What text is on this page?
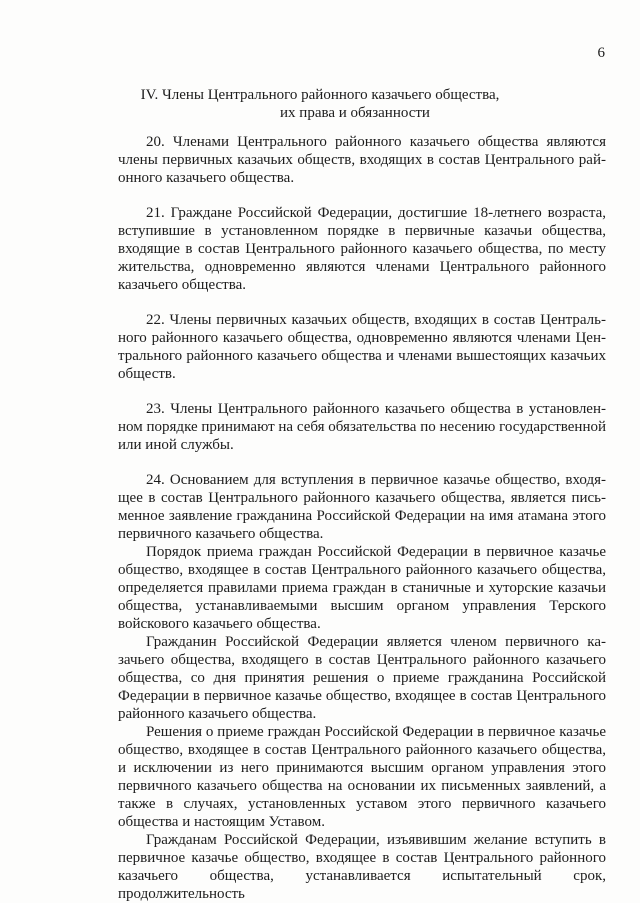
6
IV. Члены Центрального районного казачьего общества,
их права и обязанности

20. Членами Центрального районного казачьего общества являются члены первичных казачьих обществ, входящих в состав Центрального районного казачьего общества.

21. Граждане Российской Федерации, достигшие 18-летнего возраста, вступившие в установленном порядке в первичные казачьи общества, входящие в состав Центрального районного казачьего общества, по месту жительства, одновременно являются членами Центрального районного казачьего общества.

22. Члены первичных казачьих обществ, входящих в состав Центрального районного казачьего общества, одновременно являются членами Центрального районного казачьего общества и членами вышестоящих казачьих обществ.

23. Члены Центрального районного казачьего общества в установленном порядке принимают на себя обязательства по несению государственной или иной службы.

24. Основанием для вступления в первичное казачье общество, входящее в состав Центрального районного казачьего общества, является письменное заявление гражданина Российской Федерации на имя атамана этого первичного казачьего общества.

Порядок приема граждан Российской Федерации в первичное казачье общество, входящее в состав Центрального районного казачьего общества, определяется правилами приема граждан в станичные и хуторские казачьи общества, устанавливаемыми высшим органом управления Терского войскового казачьего общества.

Гражданин Российской Федерации является членом первичного казачьего общества, входящего в состав Центрального районного казачьего общества, со дня принятия решения о приеме гражданина Российской Федерации в первичное казачье общество, входящее в состав Центрального районного казачьего общества.

Решения о приеме граждан Российской Федерации в первичное казачье общество, входящее в состав Центрального районного казачьего общества, и исключении из него принимаются высшим органом управления этого первичного казачьего общества на основании их письменных заявлений, а также в случаях, установленных уставом этого первичного казачьего общества и настоящим Уставом.

Гражданам Российской Федерации, изъявившим желание вступить в первичное казачье общество, входящее в состав Центрального районного казачьего общества, устанавливается испытательный срок, продолжительность
